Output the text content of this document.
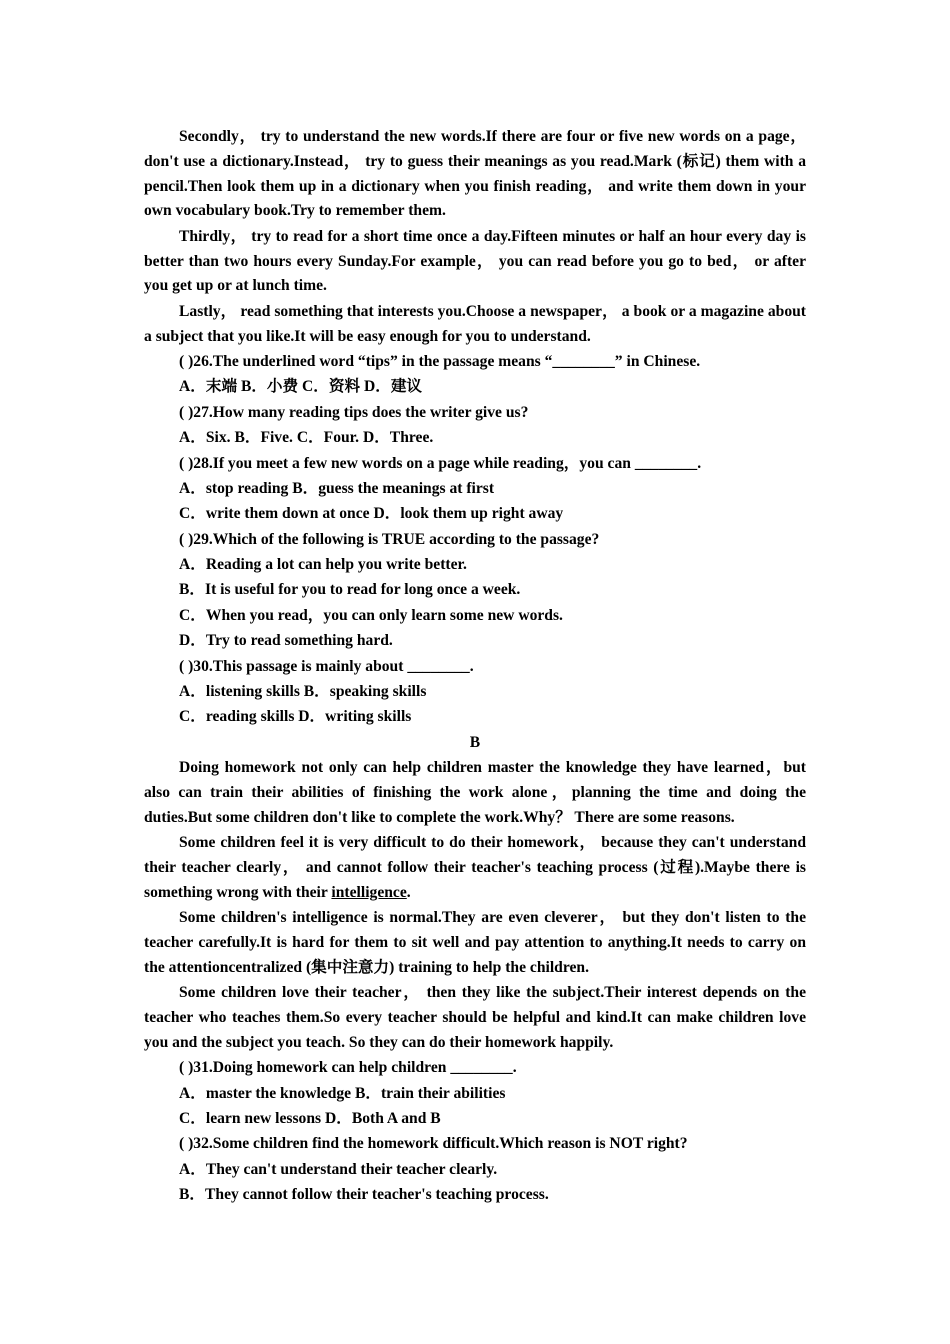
Secondly， try to understand the new words.If there are four or five new words on a page， don't use a dictionary.Instead， try to guess their meanings as you read.Mark (标记) them with a pencil.Then look them up in a dictionary when you finish reading， and write them down in your own vocabulary book.Try to remember them.

Thirdly， try to read for a short time once a day.Fifteen minutes or half an hour every day is better than two hours every Sunday.For example， you can read before you go to bed， or after you get up or at lunch time.

Lastly， read something that interests you.Choose a newspaper， a book or a magazine about a subject that you like.It will be easy enough for you to understand.

( )26.The underlined word “tips” in the passage means “________” in Chinese.
A．末端 B．小费 C．资料 D．建议
( )27.How many reading tips does the writer give us?
A．Six. B．Five. C．Four. D．Three.
( )28.If you meet a few new words on a page while reading，you can ________.
A．stop reading B．guess the meanings at first
C．write them down at once D．look them up right away
( )29.Which of the following is TRUE according to the passage?
A．Reading a lot can help you write better.
B．It is useful for you to read for long once a week.
C．When you read，you can only learn some new words.
D．Try to read something hard.
( )30.This passage is mainly about ________.
A．listening skills B．speaking skills
C．reading skills D．writing skills
B

Doing homework not only can help children master the knowledge they have learned，but also can train their abilities of finishing the work alone，planning the time and doing the duties.But some children don't like to complete the work.Why？ There are some reasons.

Some children feel it is very difficult to do their homework， because they can't understand their teacher clearly， and cannot follow their teacher's teaching process (过程).Maybe there is something wrong with their intelligence.

Some children's intelligence is normal.They are even cleverer， but they don't listen to the teacher carefully.It is hard for them to sit well and pay attention to anything.It needs to carry on the attentioncentralized (集中注意力) training to help the children.

Some children love their teacher， then they like the subject.Their interest depends on the teacher who teaches them.So every teacher should be helpful and kind.It can make children love you and the subject you teach. So they can do their homework happily.

( )31.Doing homework can help children ________.
A．master the knowledge B．train their abilities
C．learn new lessons D．Both A and B
( )32.Some children find the homework difficult.Which reason is NOT right?
A．They can't understand their teacher clearly.
B．They cannot follow their teacher's teaching process.
